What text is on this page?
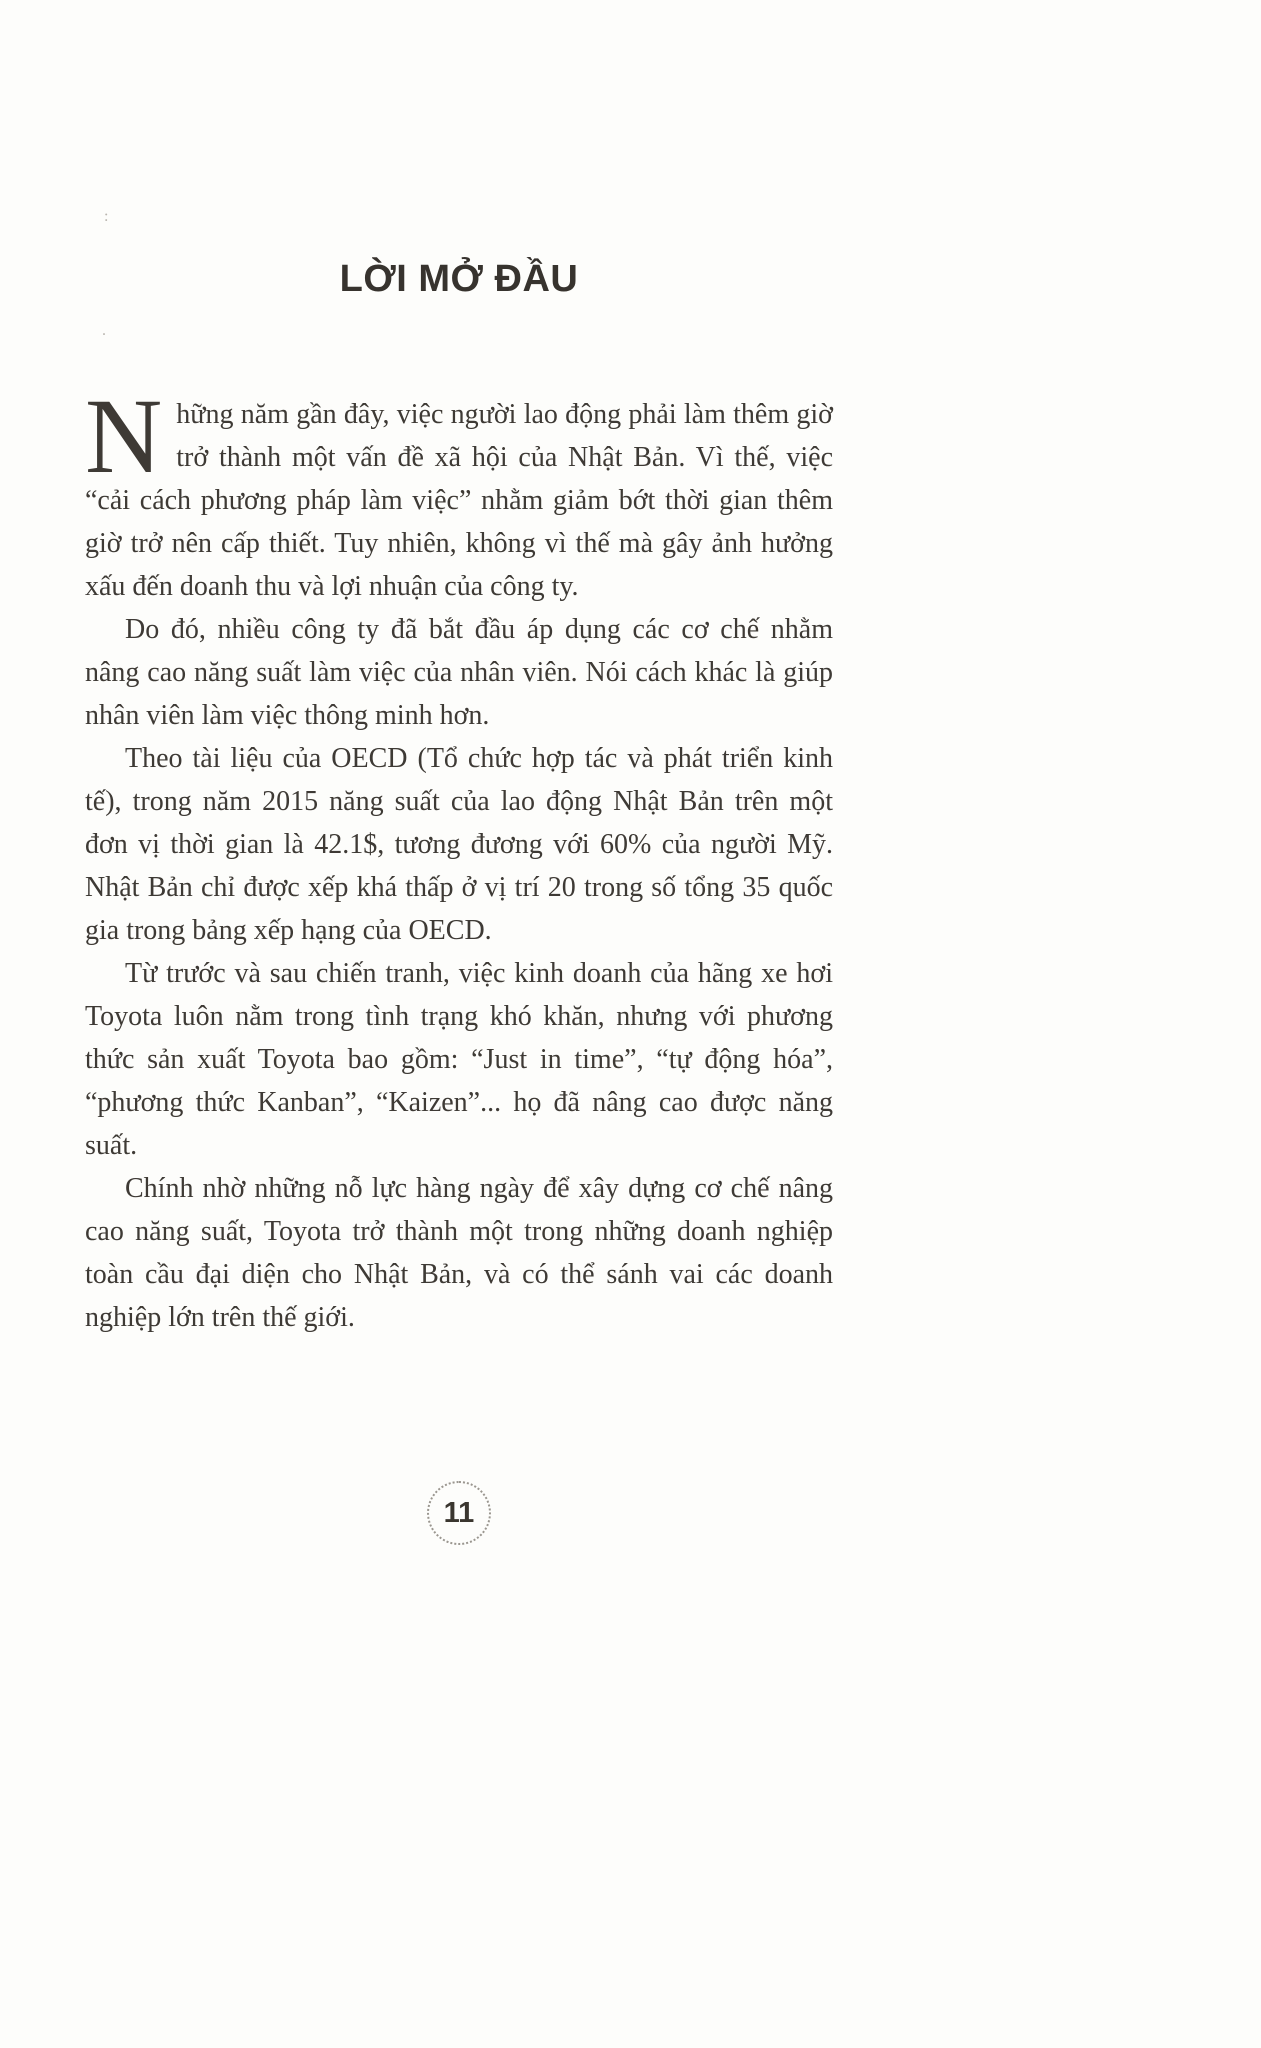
:
.
LỜI MỞ ĐẦU

Những năm gần đây, việc người lao động phải làm thêm giờ trở thành một vấn đề xã hội của Nhật Bản. Vì thế, việc “cải cách phương pháp làm việc” nhằm giảm bớt thời gian thêm giờ trở nên cấp thiết. Tuy nhiên, không vì thế mà gây ảnh hưởng xấu đến doanh thu và lợi nhuận của công ty.

Do đó, nhiều công ty đã bắt đầu áp dụng các cơ chế nhằm nâng cao năng suất làm việc của nhân viên. Nói cách khác là giúp nhân viên làm việc thông minh hơn.

Theo tài liệu của OECD (Tổ chức hợp tác và phát triển kinh tế), trong năm 2015 năng suất của lao động Nhật Bản trên một đơn vị thời gian là 42.1$, tương đương với 60% của người Mỹ. Nhật Bản chỉ được xếp khá thấp ở vị trí 20 trong số tổng 35 quốc gia trong bảng xếp hạng của OECD.

Từ trước và sau chiến tranh, việc kinh doanh của hãng xe hơi Toyota luôn nằm trong tình trạng khó khăn, nhưng với phương thức sản xuất Toyota bao gồm: “Just in time”, “tự động hóa”, “phương thức Kanban”, “Kaizen”... họ đã nâng cao được năng suất.

Chính nhờ những nỗ lực hàng ngày để xây dựng cơ chế nâng cao năng suất, Toyota trở thành một trong những doanh nghiệp toàn cầu đại diện cho Nhật Bản, và có thể sánh vai các doanh nghiệp lớn trên thế giới.

11
